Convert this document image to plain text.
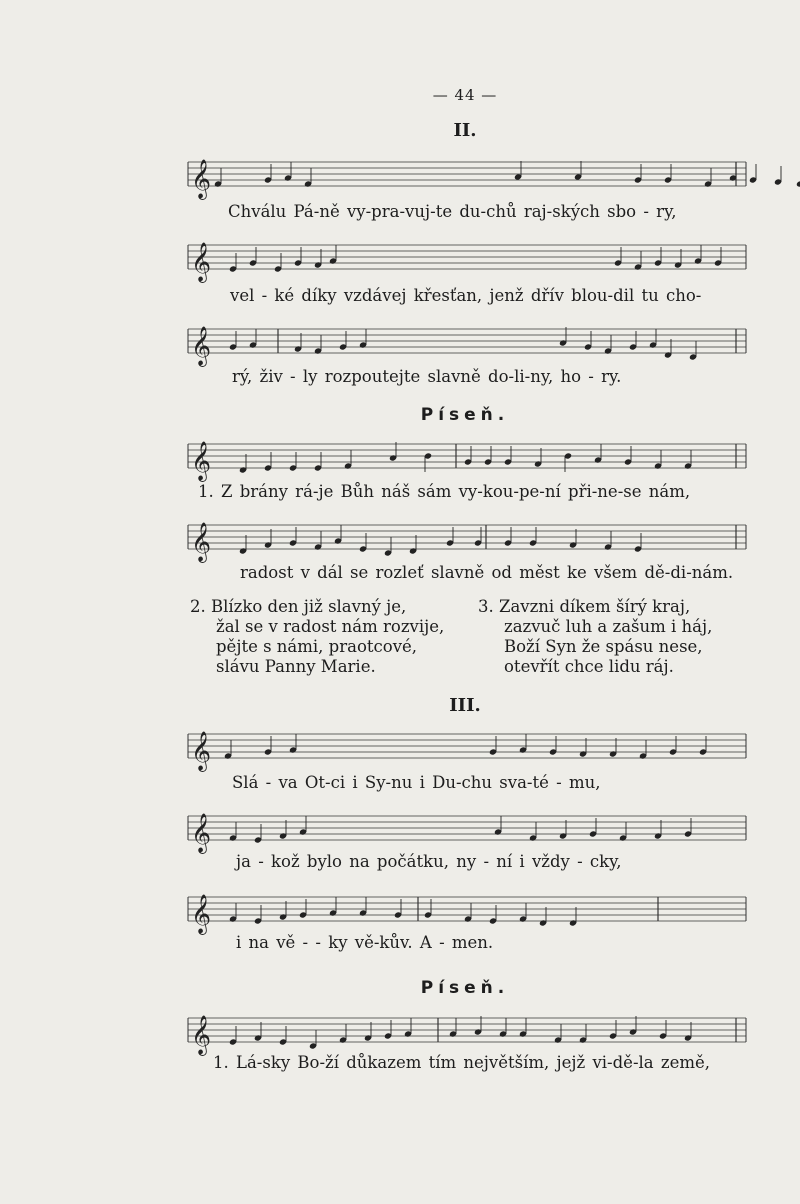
— 44 —
II.
𝄞
Chválu Pá-ně vy-pra-vuj-te du-chů raj-ských sbo - ry,
𝄞
vel - ké díky vzdávej křesťan, jenž dřív blou-dil tu cho-
𝄞
rý, živ - ly rozpoutejte slavně do-li-ny, ho - ry.
Píseň.
𝄞
1. Z brány rá-je Bůh náš sám vy-kou-pe-ní při-ne-se nám,
𝄞
radost v dál se rozleť slavně od měst ke všem dě-di-nám.
2. Blízko den již slavný je,
žal se v radost nám rozvije,
pějte s námi, praotcové,
slávu Panny Marie.
3. Zavzni díkem šírý kraj,
zazvuč luh a zašum i háj,
Boží Syn že spásu nese,
otevřít chce lidu ráj.
III.
𝄞
Slá - va Ot-ci i Sy-nu i Du-chu sva-té - mu,
𝄞
ja - kož bylo na počátku, ny - ní i vždy - cky,
𝄞
i na vě - - ky vě-kův. A - men.
Píseň.
𝄞
1. Lá-sky Bo-ží důkazem tím největším, jejž vi-dě-la země,
